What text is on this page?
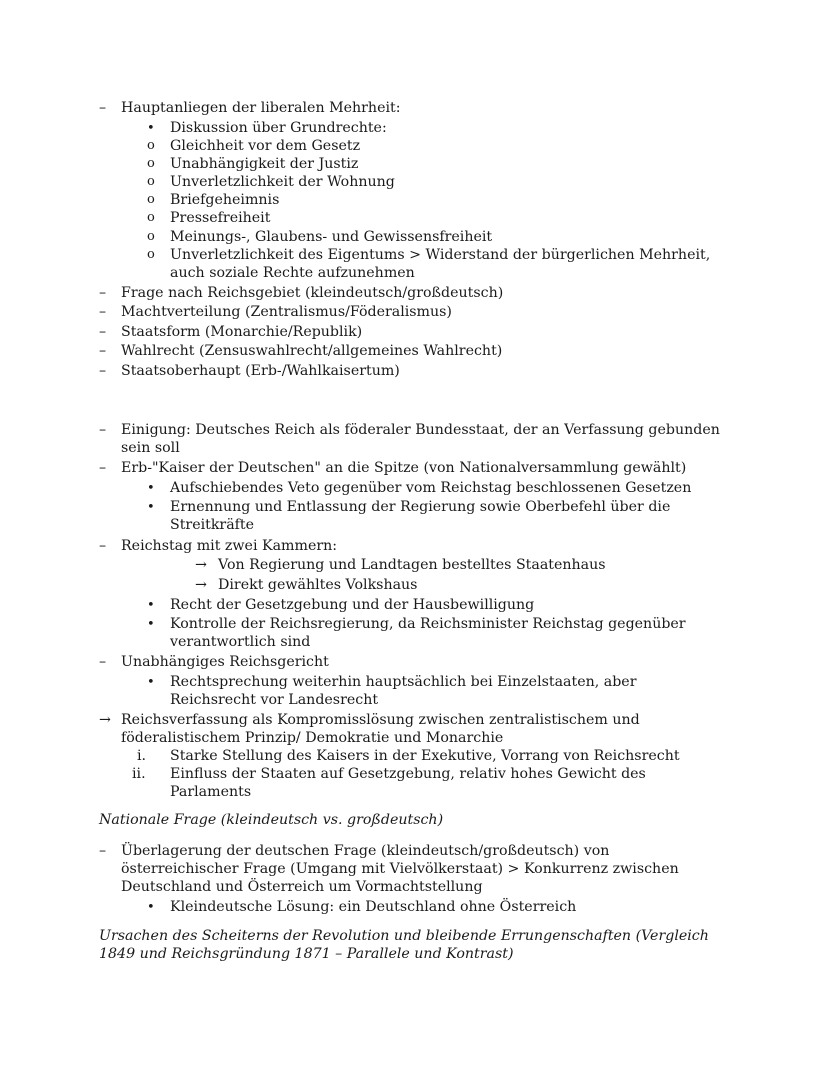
– Hauptanliegen der liberalen Mehrheit:
• Diskussion über Grundrechte:
o Gleichheit vor dem Gesetz
o Unabhängigkeit der Justiz
o Unverletzlichkeit der Wohnung
o Briefgeheimnis
o Pressefreiheit
o Meinungs-, Glaubens- und Gewissensfreiheit
o Unverletzlichkeit des Eigentums > Widerstand der bürgerlichen Mehrheit,
auch soziale Rechte aufzunehmen
– Frage nach Reichsgebiet (kleindeutsch/großdeutsch)
– Machtverteilung (Zentralismus/Föderalismus)
– Staatsform (Monarchie/Republik)
– Wahlrecht (Zensuswahlrecht/allgemeines Wahlrecht)
– Staatsoberhaupt (Erb-/Wahlkaisertum)
– Einigung: Deutsches Reich als föderaler Bundesstaat, der an Verfassung gebunden
sein soll
– Erb-"Kaiser der Deutschen" an die Spitze (von Nationalversammlung gewählt)
• Aufschiebendes Veto gegenüber vom Reichstag beschlossenen Gesetzen
• Ernennung und Entlassung der Regierung sowie Oberbefehl über die
Streitkräfte
– Reichstag mit zwei Kammern:
→ Von Regierung und Landtagen bestelltes Staatenhaus
→ Direkt gewähltes Volkshaus
• Recht der Gesetzgebung und der Hausbewilligung
• Kontrolle der Reichsregierung, da Reichsminister Reichstag gegenüber
verantwortlich sind
– Unabhängiges Reichsgericht
• Rechtsprechung weiterhin hauptsächlich bei Einzelstaaten, aber
Reichsrecht vor Landesrecht
→ Reichsverfassung als Kompromisslösung zwischen zentralistischem und
föderalistischem Prinzip/ Demokratie und Monarchie
i. Starke Stellung des Kaisers in der Exekutive, Vorrang von Reichsrecht
ii. Einfluss der Staaten auf Gesetzgebung, relativ hohes Gewicht des
Parlaments
Nationale Frage (kleindeutsch vs. großdeutsch)
– Überlagerung der deutschen Frage (kleindeutsch/großdeutsch) von
österreichischer Frage (Umgang mit Vielvölkerstaat) > Konkurrenz zwischen
Deutschland und Österreich um Vormachtstellung
• Kleindeutsche Lösung: ein Deutschland ohne Österreich
Ursachen des Scheiterns der Revolution und bleibende Errungenschaften (Vergleich
1849 und Reichsgründung 1871 – Parallele und Kontrast)
